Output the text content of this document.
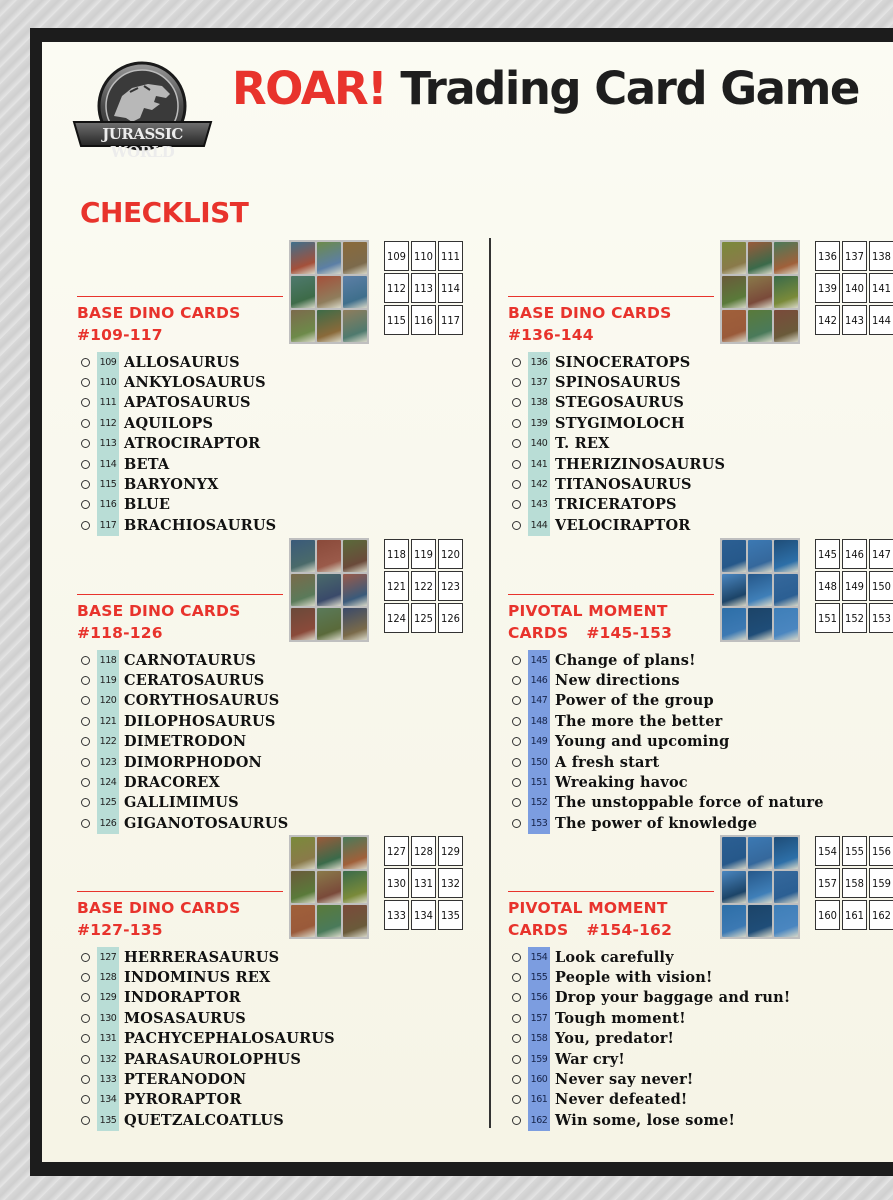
JURASSIC WORLD
ROAR! Trading Card Game
CHECKLIST
BASE DINO CARDS
#109-117
109 110 111
112 113 114
115 116 117
109 ALLOSAURUS
110 ANKYLOSAURUS
111 APATOSAURUS
112 AQUILOPS
113 ATROCIRAPTOR
114 BETA
115 BARYONYX
116 BLUE
117 BRACHIOSAURUS
BASE DINO CARDS
#136-144
136 137 138
139 140 141
142 143 144
136 SINOCERATOPS
137 SPINOSAURUS
138 STEGOSAURUS
139 STYGIMOLOCH
140 T. REX
141 THERIZINOSAURUS
142 TITANOSAURUS
143 TRICERATOPS
144 VELOCIRAPTOR
BASE DINO CARDS
#118-126
118 119 120
121 122 123
124 125 126
118 CARNOTAURUS
119 CERATOSAURUS
120 CORYTHOSAURUS
121 DILOPHOSAURUS
122 DIMETRODON
123 DIMORPHODON
124 DRACOREX
125 GALLIMIMUS
126 GIGANOTOSAURUS
PIVOTAL MOMENT
CARDS #145-153
145 146 147
148 149 150
151 152 153
145 Change of plans!
146 New directions
147 Power of the group
148 The more the better
149 Young and upcoming
150 A fresh start
151 Wreaking havoc
152 The unstoppable force of nature
153 The power of knowledge
BASE DINO CARDS
#127-135
127 128 129
130 131 132
133 134 135
127 HERRERASAURUS
128 INDOMINUS REX
129 INDORAPTOR
130 MOSASAURUS
131 PACHYCEPHALOSAURUS
132 PARASAUROLOPHUS
133 PTERANODON
134 PYRORAPTOR
135 QUETZALCOATLUS
PIVOTAL MOMENT
CARDS #154-162
154 155 156
157 158 159
160 161 162
154 Look carefully
155 People with vision!
156 Drop your baggage and run!
157 Tough moment!
158 You, predator!
159 War cry!
160 Never say never!
161 Never defeated!
162 Win some, lose some!
